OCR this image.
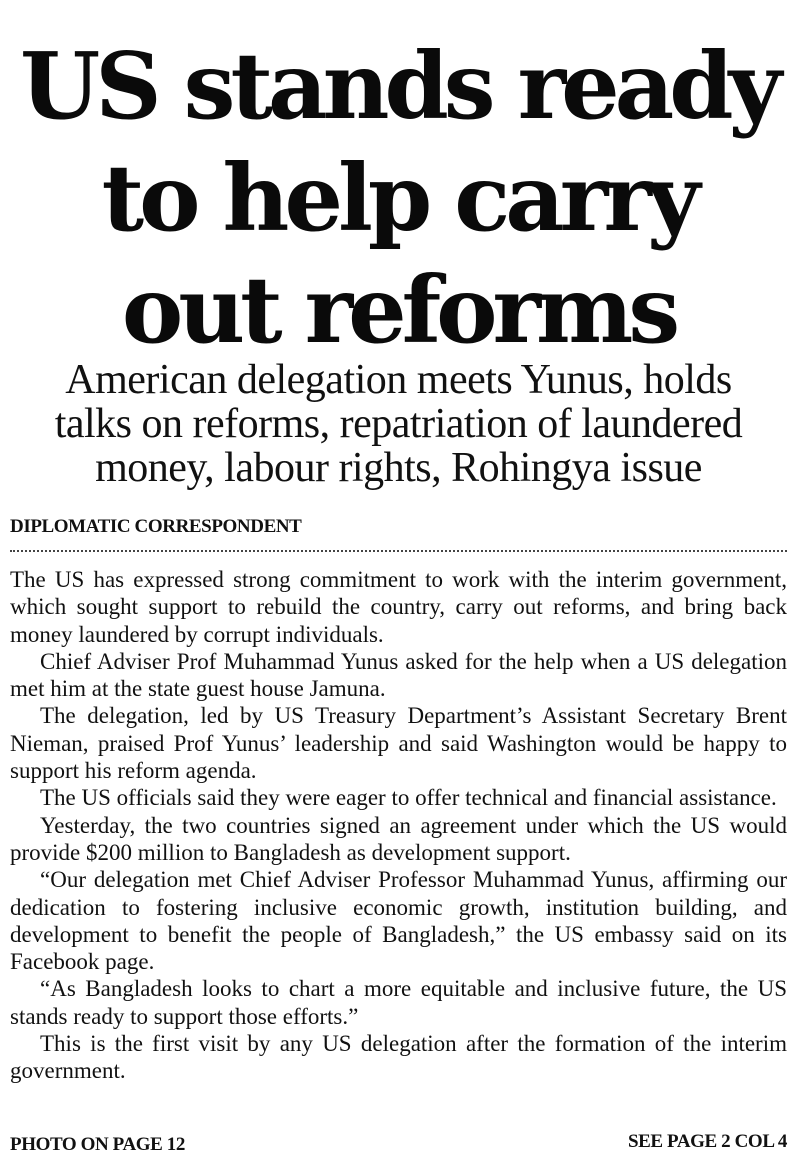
US stands ready
to help carry
out reforms
American delegation meets Yunus, holds
talks on reforms, repatriation of laundered
money, labour rights, Rohingya issue
DIPLOMATIC CORRESPONDENT

The US has expressed strong commitment to work with the interim government, which sought support to rebuild the country, carry out reforms, and bring back money laundered by corrupt individuals.

Chief Adviser Prof Muhammad Yunus asked for the help when a US delegation met him at the state guest house Jamuna.

The delegation, led by US Treasury Department’s Assistant Secretary Brent Nieman, praised Prof Yunus’ leadership and said Washington would be happy to support his reform agenda.

The US officials said they were eager to offer technical and financial assistance.

Yesterday, the two countries signed an agreement under which the US would provide $200 million to Bangladesh as development support.

“Our delegation met Chief Adviser Professor Muhammad Yunus, affirming our dedication to fostering inclusive economic growth, institution building, and development to benefit the people of Bangladesh,” the US embassy said on its Facebook page.

“As Bangladesh looks to chart a more equitable and inclusive future, the US stands ready to support those efforts.”

This is the first visit by any US delegation after the formation of the interim government.

PHOTO ON PAGE 12	SEE PAGE 2 COL 4
